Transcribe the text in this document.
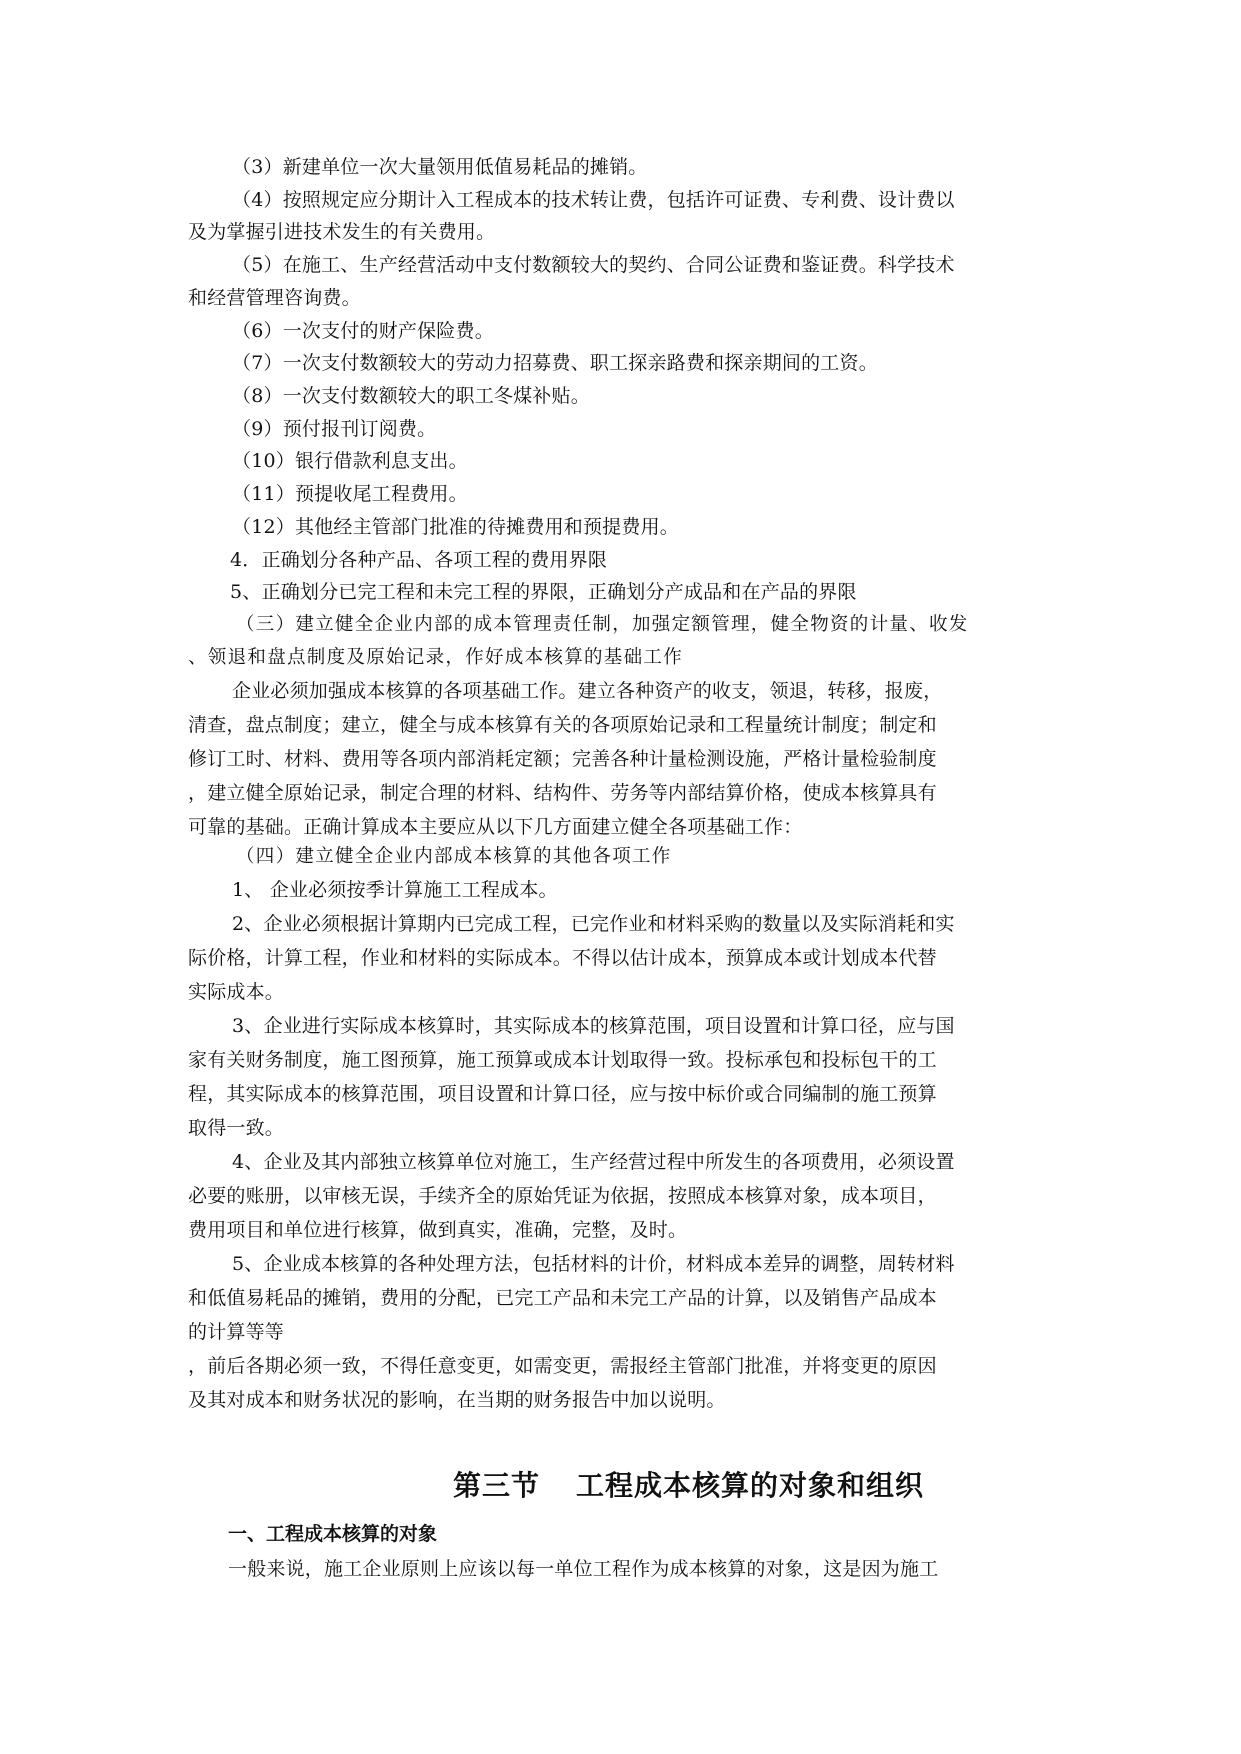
（3）新建单位一次大量领用低值易耗品的摊销。
（4）按照规定应分期计入工程成本的技术转让费，包括许可证费、专利费、设计费以
及为掌握引进技术发生的有关费用。
（5）在施工、生产经营活动中支付数额较大的契约、合同公证费和鉴证费。科学技术
和经营管理咨询费。
（6）一次支付的财产保险费。
（7）一次支付数额较大的劳动力招募费、职工探亲路费和探亲期间的工资。
（8）一次支付数额较大的职工冬煤补贴。
（9）预付报刊订阅费。
（10）银行借款利息支出。
（11）预提收尾工程费用。
（12）其他经主管部门批准的待摊费用和预提费用。
4．正确划分各种产品、各项工程的费用界限
5、正确划分已完工程和未完工程的界限，正确划分产成品和在产品的界限
（三）建立健全企业内部的成本管理责任制，加强定额管理，健全物资的计量、收发
、领退和盘点制度及原始记录，作好成本核算的基础工作
企业必须加强成本核算的各项基础工作。建立各种资产的收支，领退，转移，报废，
清查，盘点制度；建立，健全与成本核算有关的各项原始记录和工程量统计制度；制定和
修订工时、材料、费用等各项内部消耗定额；完善各种计量检测设施，严格计量检验制度
，建立健全原始记录，制定合理的材料、结构件、劳务等内部结算价格，使成本核算具有
可靠的基础。正确计算成本主要应从以下几方面建立健全各项基础工作：
（四）建立健全企业内部成本核算的其他各项工作
1、 企业必须按季计算施工工程成本。
2、企业必须根据计算期内已完成工程，已完作业和材料采购的数量以及实际消耗和实
际价格，计算工程，作业和材料的实际成本。不得以估计成本，预算成本或计划成本代替
实际成本。
3、企业进行实际成本核算时，其实际成本的核算范围，项目设置和计算口径，应与国
家有关财务制度，施工图预算，施工预算或成本计划取得一致。投标承包和投标包干的工
程，其实际成本的核算范围，项目设置和计算口径，应与按中标价或合同编制的施工预算
取得一致。
4、企业及其内部独立核算单位对施工，生产经营过程中所发生的各项费用，必须设置
必要的账册，以审核无误，手续齐全的原始凭证为依据，按照成本核算对象，成本项目，
费用项目和单位进行核算，做到真实，准确，完整，及时。
5、企业成本核算的各种处理方法，包括材料的计价，材料成本差异的调整，周转材料
和低值易耗品的摊销，费用的分配，已完工产品和未完工产品的计算，以及销售产品成本
的计算等等
，前后各期必须一致，不得任意变更，如需变更，需报经主管部门批准，并将变更的原因
及其对成本和财务状况的影响，在当期的财务报告中加以说明。
第三节 工程成本核算的对象和组织
一、工程成本核算的对象
一般来说，施工企业原则上应该以每一单位工程作为成本核算的对象，这是因为施工
